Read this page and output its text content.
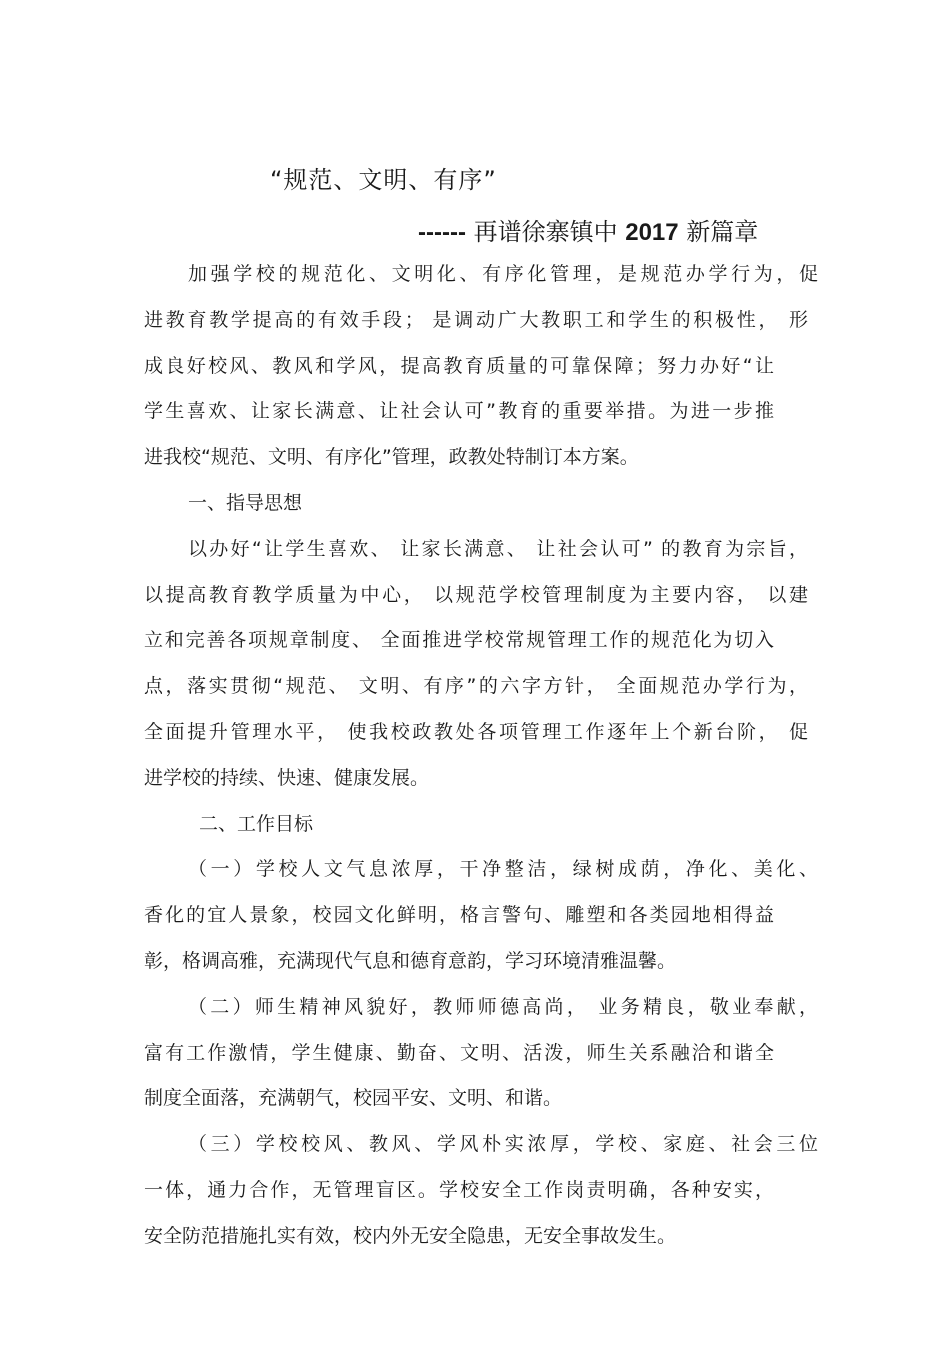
“规范、文明、有序”
------ 再谱徐寨镇中 2017 新篇章
加强学校的规范化、文明化、有序化管理，是规范办学行为，促
进教育教学提高的有效手段； 是调动广大教职工和学生的积极性， 形
成良好校风、教风和学风，提高教育质量的可靠保障；努力办好“让
学生喜欢、让家长满意、让社会认可”教育的重要举措。为进一步推
进我校“规范、文明、有序化”管理，政教处特制订本方案。
一、指导思想
以办好“让学生喜欢、 让家长满意、 让社会认可” 的教育为宗旨，
以提高教育教学质量为中心， 以规范学校管理制度为主要内容， 以建
立和完善各项规章制度、 全面推进学校常规管理工作的规范化为切入
点，落实贯彻“规范、 文明、有序”的六字方针， 全面规范办学行为，
全面提升管理水平， 使我校政教处各项管理工作逐年上个新台阶， 促
进学校的持续、快速、健康发展。
二、工作目标
（一）学校人文气息浓厚，干净整洁，绿树成荫，净化、美化、
香化的宜人景象，校园文化鲜明，格言警句、雕塑和各类园地相得益
彰，格调高雅，充满现代气息和德育意韵，学习环境清雅温馨。
（二）师生精神风貌好，教师师德高尚， 业务精良，敬业奉献，
富有工作激情，学生健康、勤奋、文明、活泼，师生关系融洽和谐全
制度全面落，充满朝气，校园平安、文明、和谐。
（三）学校校风、教风、学风朴实浓厚，学校、家庭、社会三位
一体，通力合作，无管理盲区。学校安全工作岗责明确，各种安实，
安全防范措施扎实有效，校内外无安全隐患，无安全事故发生。
